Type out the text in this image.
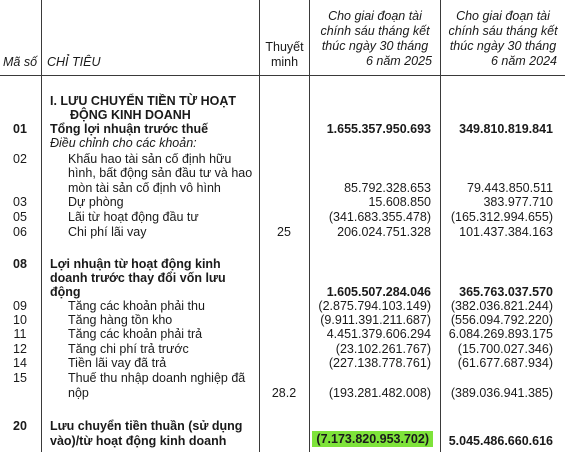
Mã số CHỈ TIÊU
Thuyết
minh
Cho giai đoạn tài
chính sáu tháng kết
thúc ngày 30 tháng
6 năm 2025
Cho giai đoạn tài
chính sáu tháng kết
thúc ngày 30 tháng
6 năm 2024
I. LƯU CHUYỂN TIỀN TỪ HOẠT
ĐỘNG KINH DOANH
01	Tổng lợi nhuận trước thuế	1.655.357.950.693 349.810.819.841
Điều chỉnh cho các khoản:
02	Khấu hao tài sản cố định hữu
hình, bất động sản đầu tư và hao
mòn tài sản cố định vô hình	85.792.328.653	79.443.850.511
03	Dự phòng	15.608.850	383.977.710
05	Lãi từ hoạt động đầu tư	(341.683.355.478) (165.312.994.655)
06	Chi phí lãi vay	25	206.024.751.328 101.437.384.163
08	Lợi nhuận từ hoạt động kinh
doanh trước thay đổi vốn lưu
động	1.605.507.284.046 365.763.037.570
09	Tăng các khoản phải thu	(2.875.794.103.149) (382.036.821.244)
10	Tăng hàng tồn kho	(9.911.391.211.687) (556.094.792.220)
11	Tăng các khoản phải trả	4.451.379.606.294 6.084.269.893.175
12	Tăng chi phí trả trước	(23.102.261.767) (15.700.027.346)
14	Tiền lãi vay đã trả	(227.138.778.761) (61.677.687.934)
15	Thuế thu nhập doanh nghiệp đã
nộp	28.2	(193.281.482.008) (389.036.941.385)
20	Lưu chuyển tiền thuần (sử dụng
vào)/từ hoạt động kinh doanh	(7.173.820.953.702)	5.045.486.660.616
